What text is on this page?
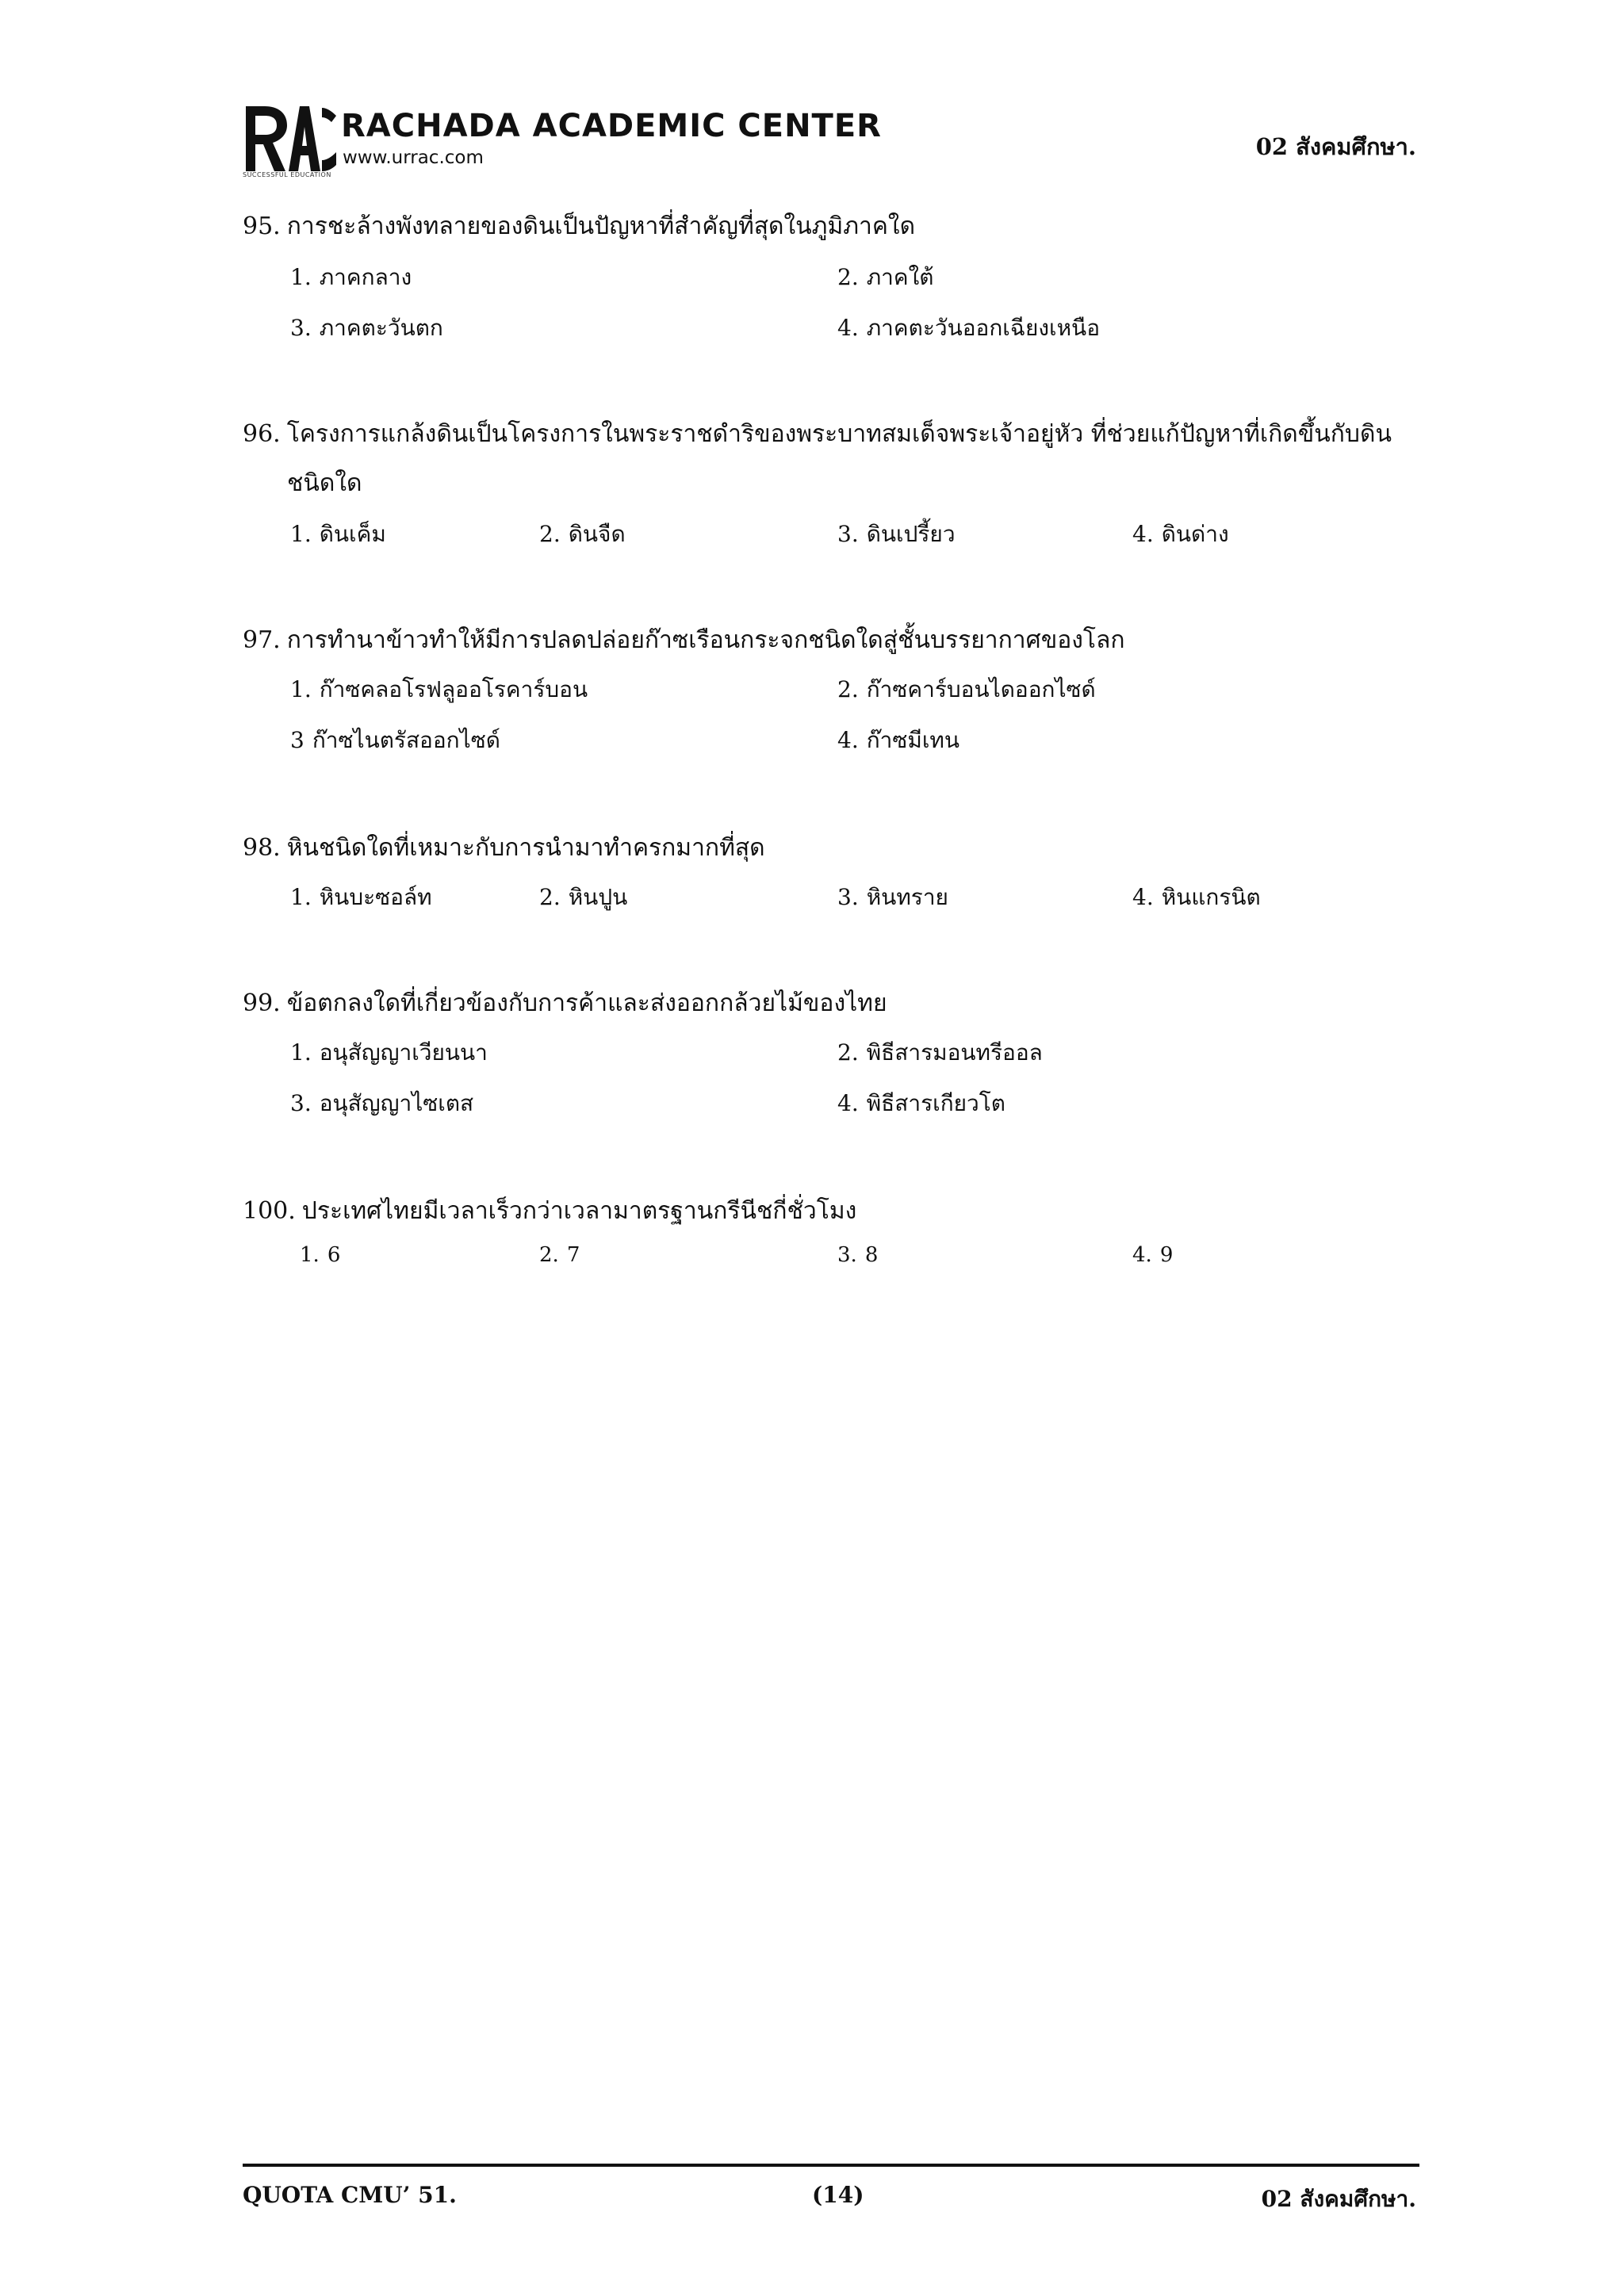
RACHADA ACADEMIC CENTER
www.urrac.com
SUCCESSFUL EDUCATION
02 สังคมศึกษา.
95. การชะล้างพังทลายของดินเป็นปัญหาที่สำคัญที่สุดในภูมิภาคใด
1. ภาคกลาง	2. ภาคใต้
3. ภาคตะวันตก	4. ภาคตะวันออกเฉียงเหนือ
96. โครงการแกล้งดินเป็นโครงการในพระราชดำริของพระบาทสมเด็จพระเจ้าอยู่หัว ที่ช่วยแก้ปัญหาที่เกิดขึ้นกับดิน
ชนิดใด
1. ดินเค็ม	2. ดินจืด	3. ดินเปรี้ยว	4. ดินด่าง
97. การทำนาข้าวทำให้มีการปลดปล่อยก๊าซเรือนกระจกชนิดใดสู่ชั้นบรรยากาศของโลก
1. ก๊าซคลอโรฟลูออโรคาร์บอน	2. ก๊าซคาร์บอนไดออกไซด์
3 ก๊าซไนตรัสออกไซด์	4. ก๊าซมีเทน
98. หินชนิดใดที่เหมาะกับการนำมาทำครกมากที่สุด
1. หินบะซอล์ท	2. หินปูน	3. หินทราย	4. หินแกรนิต
99. ข้อตกลงใดที่เกี่ยวข้องกับการค้าและส่งออกกล้วยไม้ของไทย
1. อนุสัญญาเวียนนา	2. พิธีสารมอนทรีออล
3. อนุสัญญาไซเตส	4. พิธีสารเกียวโต
100. ประเทศไทยมีเวลาเร็วกว่าเวลามาตรฐานกรีนีชกี่ชั่วโมง
1. 6	2. 7	3. 8	4. 9
QUOTA CMU’ 51.	(14)	02 สังคมศึกษา.
